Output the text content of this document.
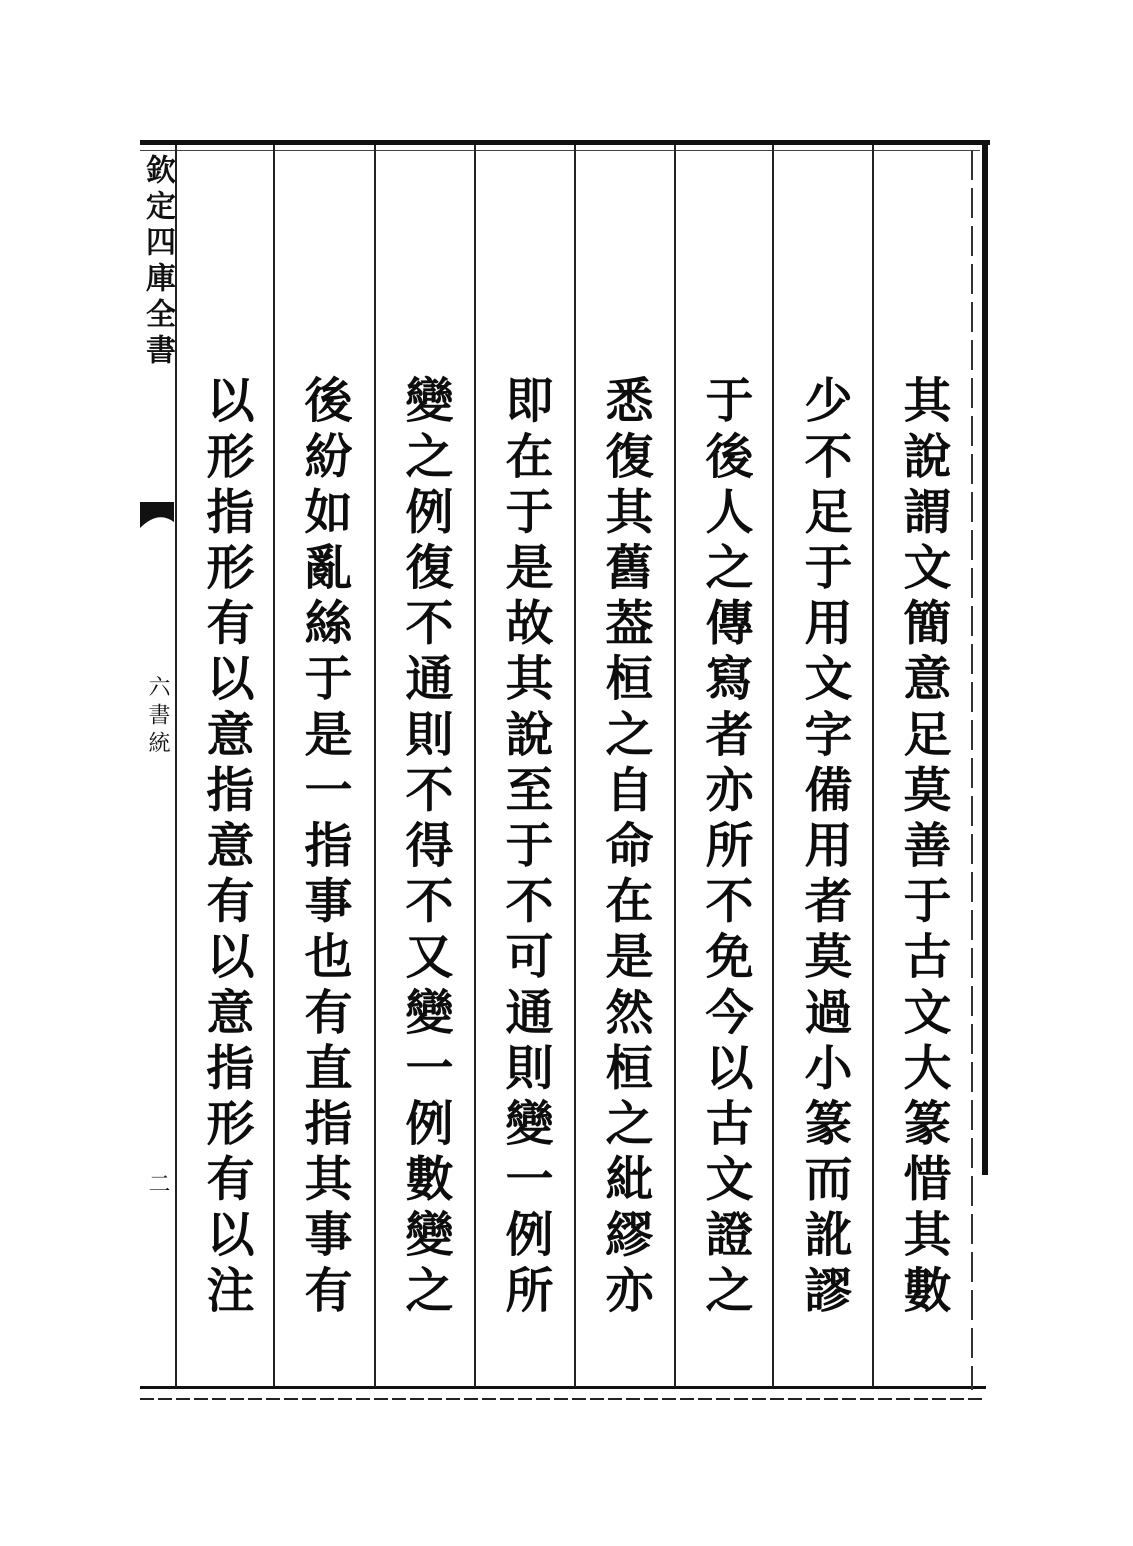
欽定四庫全書
六書統
二	其說謂文簡意足莫善于古文大篆惜其數
少不足于用文字備用者莫過小篆而訛謬
于後人之傳寫者亦所不免今以古文證之
悉復其舊葢桓之自命在是然桓之紕繆亦
即在于是故其說至于不可通則變一例所
變之例復不通則不得不又變一例數變之
後紛如亂絲于是一指事也有直指其事有
以形指形有以意指意有以意指形有以注
